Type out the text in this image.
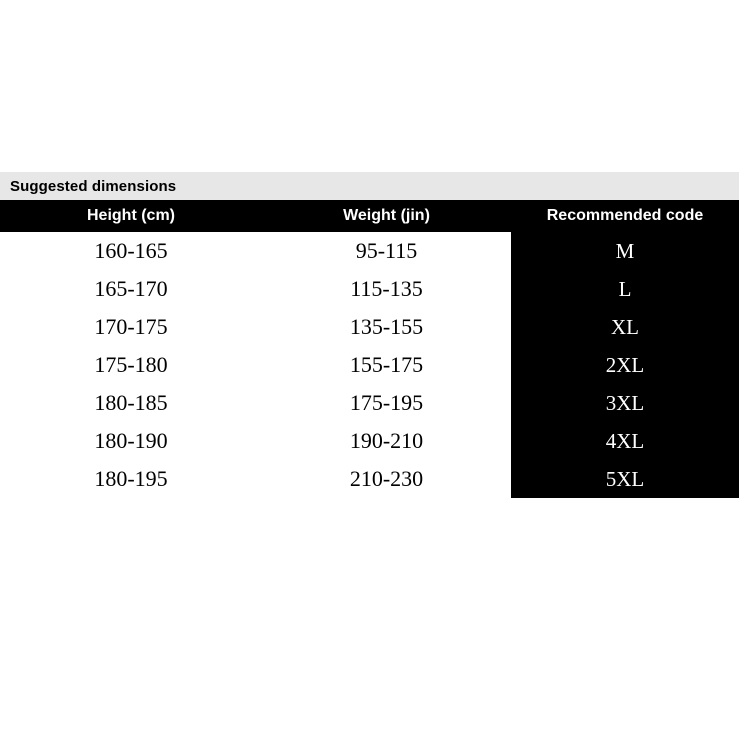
Suggested dimensions
Height (cm)	Weight (jin)	Recommended code
160-165	95-115	M
165-170	115-135	L
170-175	135-155	XL
175-180	155-175	2XL
180-185	175-195	3XL
180-190	190-210	4XL
180-195	210-230	5XL
